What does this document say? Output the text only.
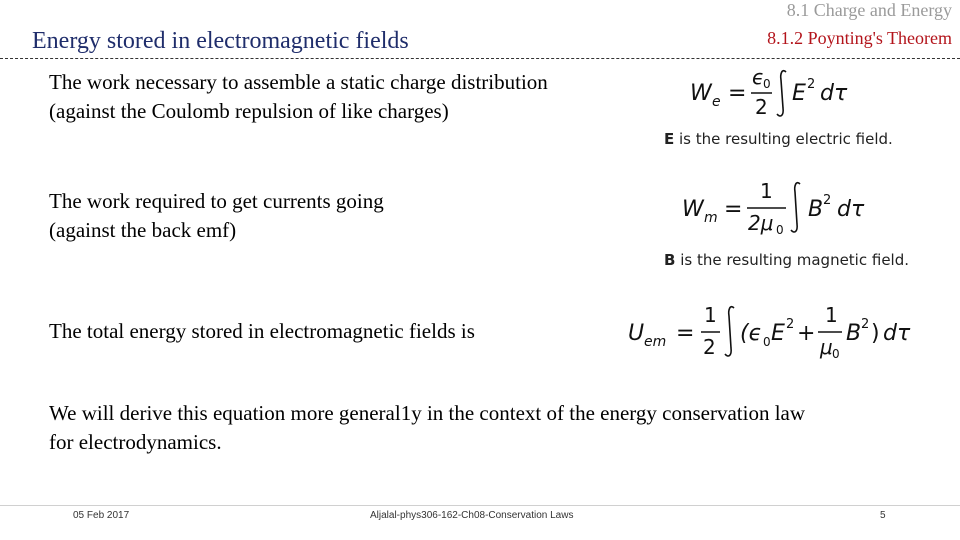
Energy stored in electromagnetic fields
8.1 Charge and Energy
8.1.2 Poynting's Theorem
The work necessary to assemble a static charge distribution
(against the Coulomb repulsion of like charges)
W e =
ϵ
0
2
E 2 dτ
E is the resulting electric field.
The work required to get currents going
(against the back emf)
W m =
1
2μ 0
B 2 dτ
B is the resulting magnetic field.
The total energy stored in electromagnetic fields is	U em =
1
2
(ϵ 0 E 2 +
1
μ 0
B 2 ) dτ
We will derive this equation more general1y in the context of the energy conservation law
for electrodynamics.
05 Feb 2017	Aljalal-phys306-162-Ch08-Conservation Laws	5
